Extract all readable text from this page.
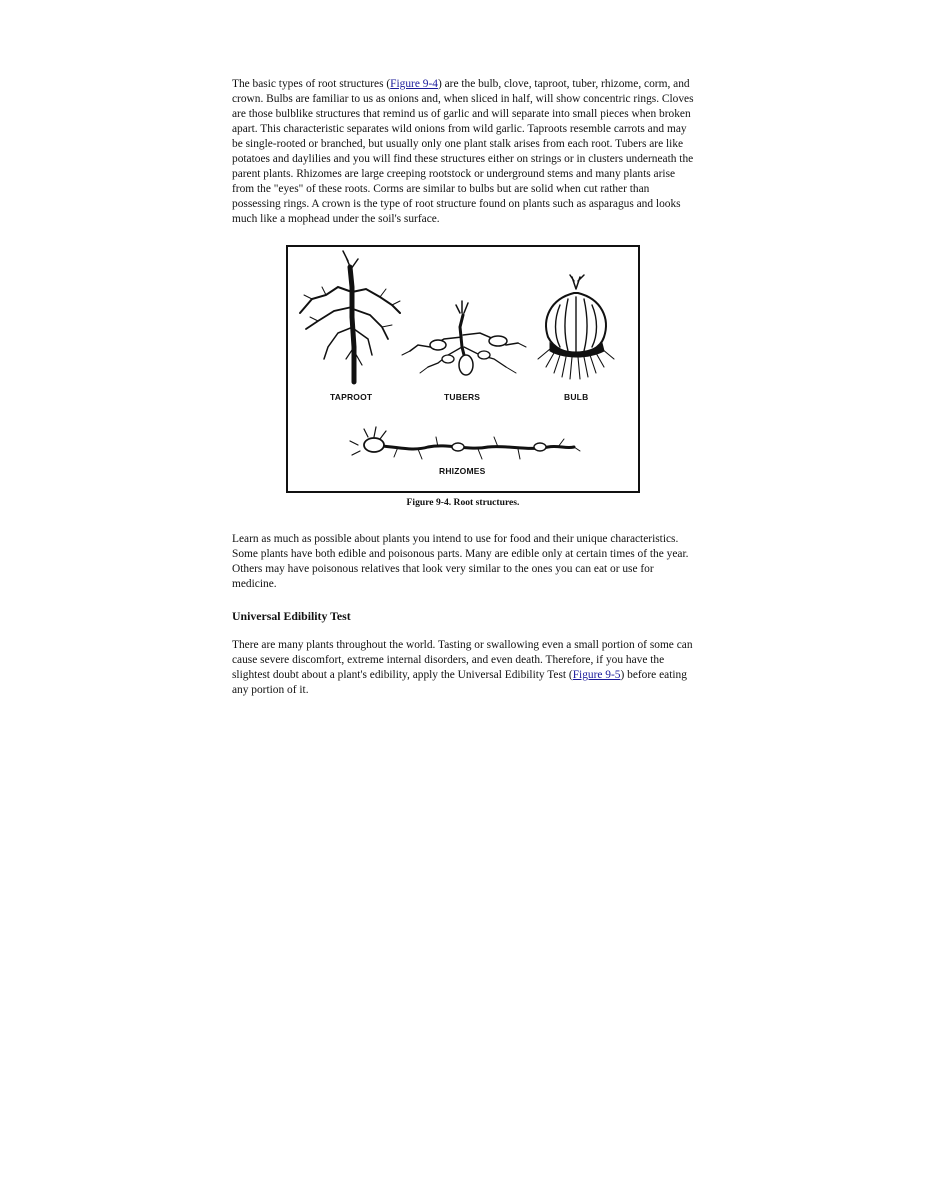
The basic types of root structures (Figure 9-4) are the bulb, clove, taproot, tuber, rhizome, corm, and crown. Bulbs are familiar to us as onions and, when sliced in half, will show concentric rings. Cloves are those bulblike structures that remind us of garlic and will separate into small pieces when broken apart. This characteristic separates wild onions from wild garlic. Taproots resemble carrots and may be single-rooted or branched, but usually only one plant stalk arises from each root. Tubers are like potatoes and daylilies and you will find these structures either on strings or in clusters underneath the parent plants. Rhizomes are large creeping rootstock or underground stems and many plants arise from the "eyes" of these roots. Corms are similar to bulbs but are solid when cut rather than possessing rings. A crown is the type of root structure found on plants such as asparagus and looks much like a mophead under the soil's surface.

TAPROOT	TUBERS	BULB
RHIZOMES
Figure 9-4. Root structures.

Learn as much as possible about plants you intend to use for food and their unique characteristics. Some plants have both edible and poisonous parts. Many are edible only at certain times of the year. Others may have poisonous relatives that look very similar to the ones you can eat or use for medicine.

Universal Edibility Test

There are many plants throughout the world. Tasting or swallowing even a small portion of some can cause severe discomfort, extreme internal disorders, and even death. Therefore, if you have the slightest doubt about a plant's edibility, apply the Universal Edibility Test (Figure 9-5) before eating any portion of it.
